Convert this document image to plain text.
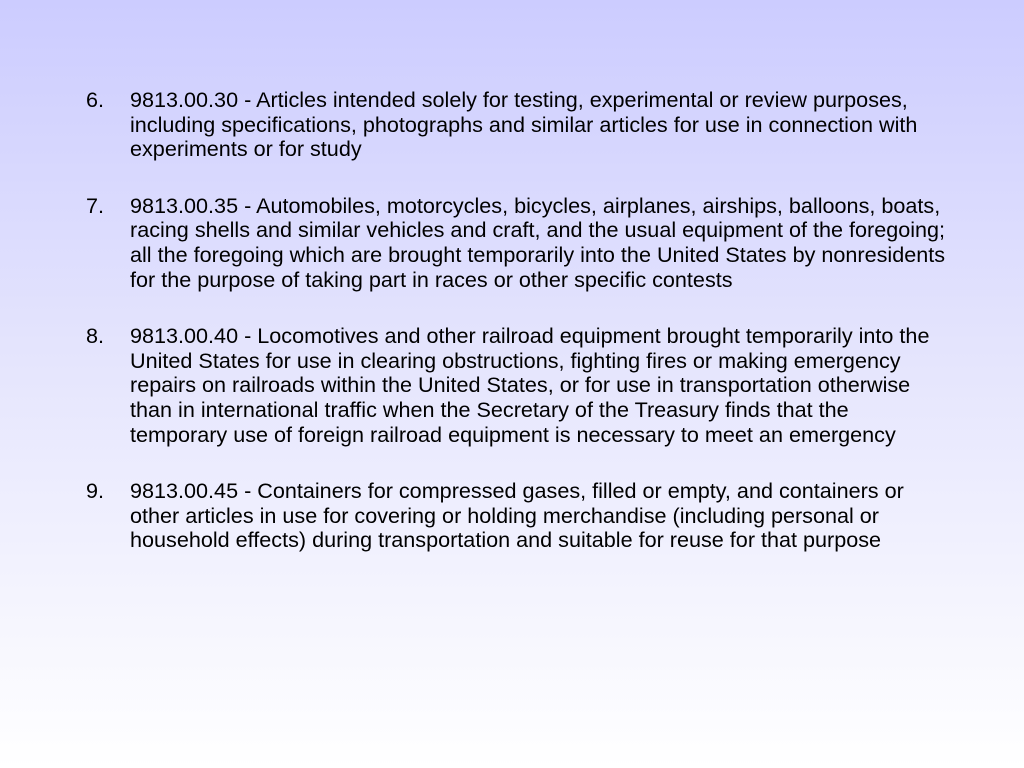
6.	9813.00.30 - Articles intended solely for testing, experimental or review purposes, including specifications, photographs and similar articles for use in connection with experiments or for study
7.	9813.00.35 - Automobiles, motorcycles, bicycles, airplanes, airships, balloons, boats, racing shells and similar vehicles and craft, and the usual equipment of the foregoing; all the foregoing which are brought temporarily into the United States by nonresidents for the purpose of taking part in races or other specific contests
8.	9813.00.40 - Locomotives and other railroad equipment brought temporarily into the United States for use in clearing obstructions, fighting fires or making emergency repairs on railroads within the United States, or for use in transportation otherwise than in international traffic when the Secretary of the Treasury finds that the temporary use of foreign railroad equipment is necessary to meet an emergency
9.	9813.00.45 - Containers for compressed gases, filled or empty, and containers or other articles in use for covering or holding merchandise (including personal or household effects) during transportation and suitable for reuse for that purpose
